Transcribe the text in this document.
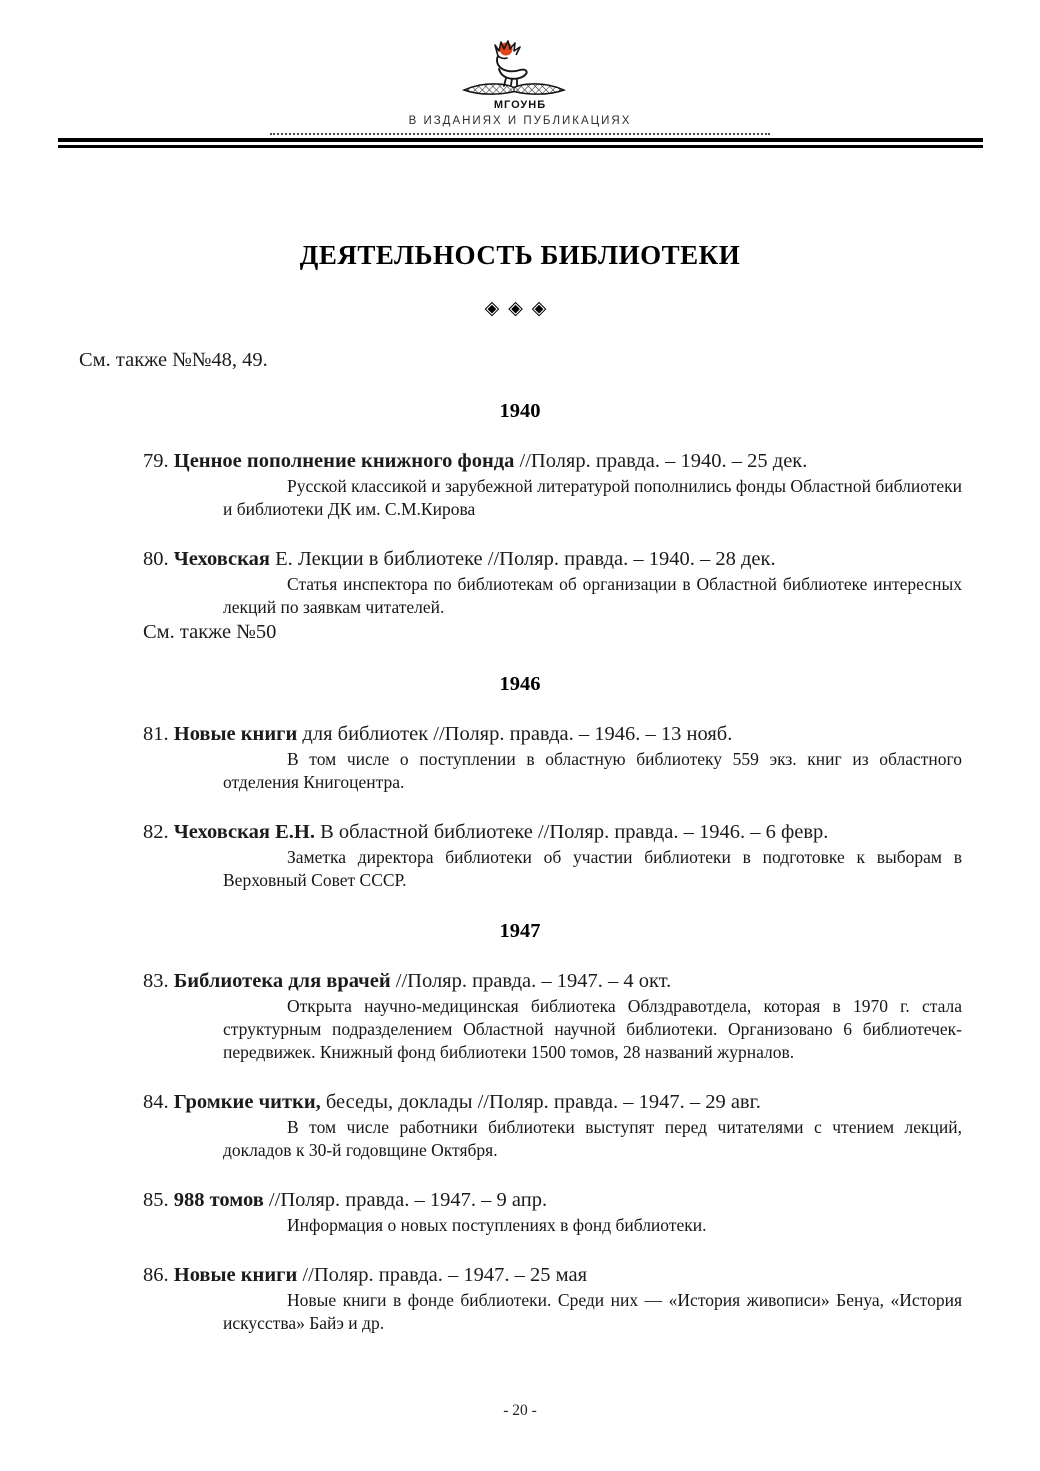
МГОУНБ
В ИЗДАНИЯХ И ПУБЛИКАЦИЯХ
ДЕЯТЕЛЬНОСТЬ БИБЛИОТЕКИ
◈◈◈
См. также №№48, 49.
1940
79. Ценное пополнение книжного фонда //Поляр. правда. – 1940. – 25 дек.
Русской классикой и зарубежной литературой пополнились фонды Областной библиотеки и библиотеки ДК им. С.М.Кирова
80. Чеховская Е. Лекции в библиотеке //Поляр. правда. – 1940. – 28 дек.
Статья инспектора по библиотекам об организации в Областной библиотеке интересных лекций по заявкам читателей.
См. также №50
1946
81. Новые книги для библиотек //Поляр. правда. – 1946. – 13 нояб.
В том числе о поступлении в областную библиотеку 559 экз. книг из областного отделения Книгоцентра.
82. Чеховская Е.Н. В областной библиотеке //Поляр. правда. – 1946. – 6 февр.
Заметка директора библиотеки об участии библиотеки в подготовке к выборам в Верховный Совет СССР.
1947
83. Библиотека для врачей //Поляр. правда. – 1947. – 4 окт.
Открыта научно-медицинская библиотека Облздравотдела, которая в 1970 г. стала структурным подразделением Областной научной библиотеки. Организовано 6 библиотечек-передвижек. Книжный фонд библиотеки 1500 томов, 28 названий журналов.
84. Громкие читки, беседы, доклады //Поляр. правда. – 1947. – 29 авг.
В том числе работники библиотеки выступят перед читателями с чтением лекций, докладов к 30-й годовщине Октября.
85. 988 томов //Поляр. правда. – 1947. – 9 апр.
Информация о новых поступлениях в фонд библиотеки.
86. Новые книги //Поляр. правда. – 1947. – 25 мая
Новые книги в фонде библиотеки. Среди них — «История живописи» Бенуа, «История искусства» Байэ и др.
- 20 -
